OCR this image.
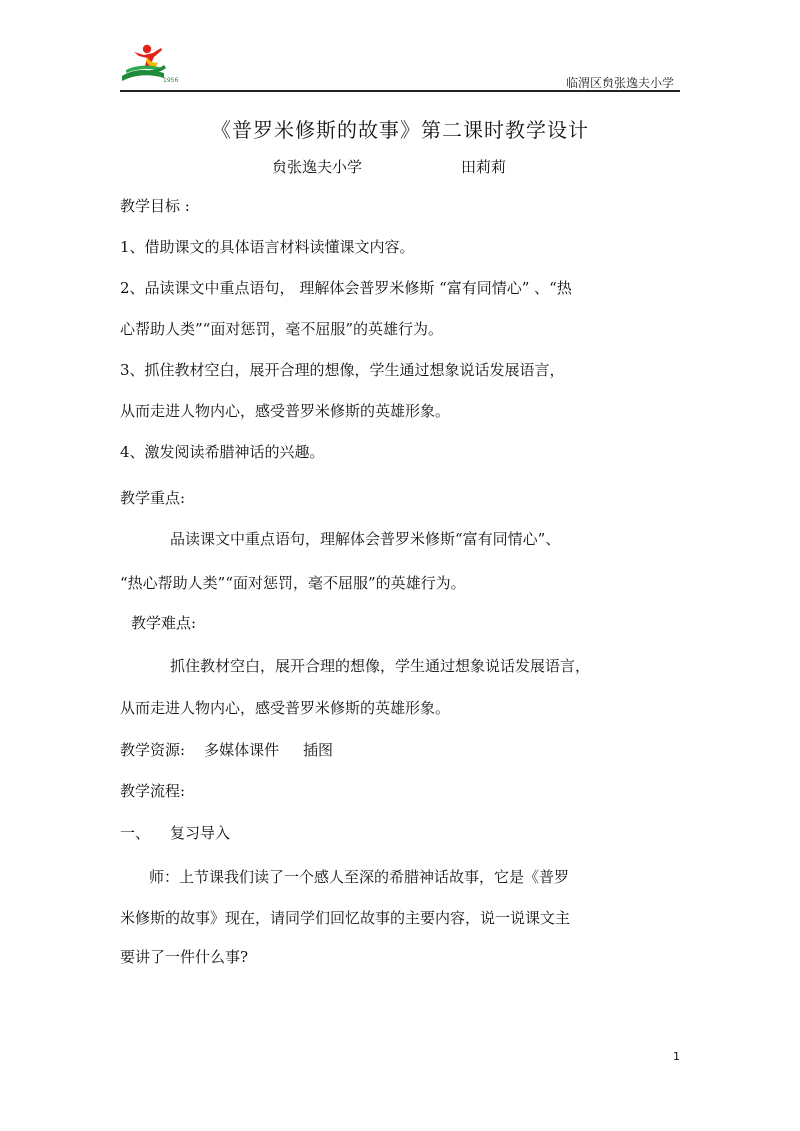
1956	临渭区贠张逸夫小学
《普罗米修斯的故事》第二课时教学设计
贠张逸夫小学	田莉莉
教学目标 :
1、借助课文的具体语言材料读懂课文内容。
2、品读课文中重点语句， 理解体会普罗米修斯 “富有同情心” 、“热
心帮助人类”“面对惩罚，毫不屈服”的英雄行为。
3、抓住教材空白，展开合理的想像，学生通过想象说话发展语言，
从而走进人物内心，感受普罗米修斯的英雄形象。
4、激发阅读希腊神话的兴趣。
教学重点:
品读课文中重点语句，理解体会普罗米修斯“富有同情心”、
“热心帮助人类”“面对惩罚，毫不屈服”的英雄行为。
教学难点:
抓住教材空白，展开合理的想像，学生通过想象说话发展语言，
从而走进人物内心，感受普罗米修斯的英雄形象。
教学资源:    多媒体课件     插图
教学流程:
一、 复习导入
师：上节课我们读了一个感人至深的希腊神话故事，它是《普罗
米修斯的故事》现在，请同学们回忆故事的主要内容，说一说课文主
要讲了一件什么事?
1
